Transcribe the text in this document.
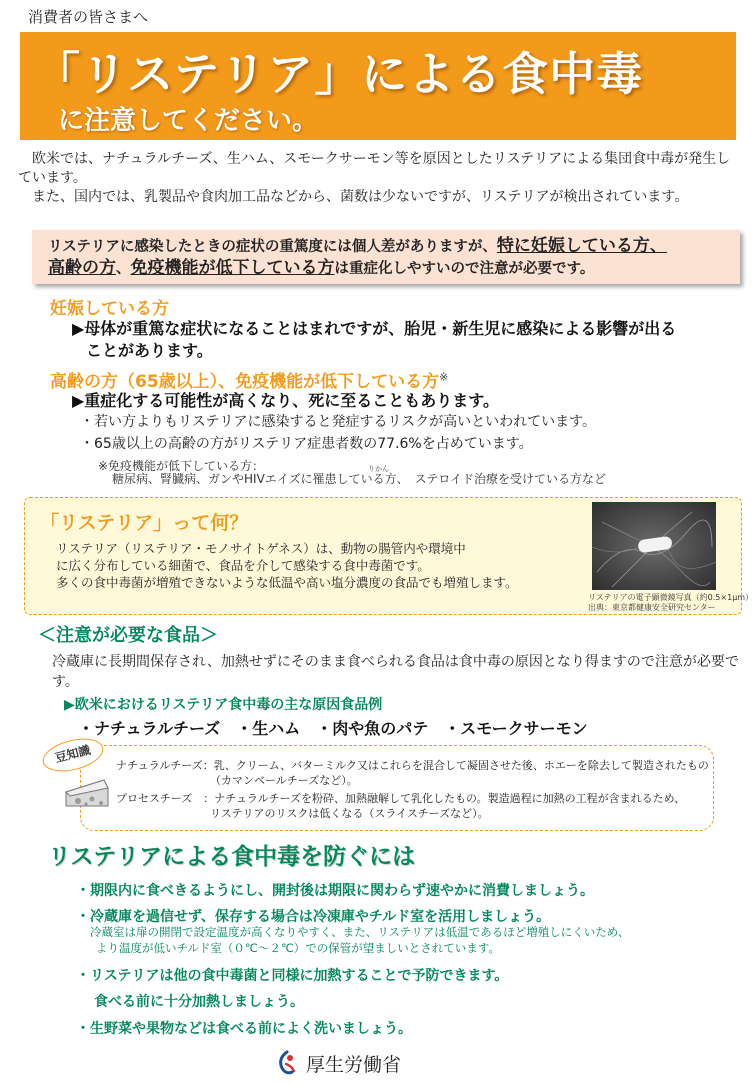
消費者の皆さまへ
「リステリア」による食中毒
に注意してください。

欧米では、ナチュラルチーズ、生ハム、スモークサーモン等を原因としたリステリアによる集団食中毒が発生しています。

また、国内では、乳製品や食肉加工品などから、菌数は少ないですが、リステリアが検出されています。

リステリアに感染したときの症状の重篤度には個人差がありますが、特に妊娠している方、
高齢の方、免疫機能が低下している方は重症化しやすいので注意が必要です。
妊娠している方
▶母体が重篤な症状になることはまれですが、胎児・新生児に感染による影響が出る
ことがあります。
高齢の方（65歳以上）、免疫機能が低下している方※
▶重症化する可能性が高くなり、死に至ることもあります。
・若い方よりもリステリアに感染すると発症するリスクが高いといわれています。
・65歳以上の高齢の方がリステリア症患者数の77.6%を占めています。
※免疫機能が低下している方：	りかん
糖尿病、腎臓病、ガンやHIVエイズに罹患している方、　ステロイド治療を受けている方など
「リステリア」って何？
リステリア（リステリア・モノサイトゲネス）は、動物の腸管内や環境中
に広く分布している細菌で、食品を介して感染する食中毒菌です。
多くの食中毒菌が増殖できないような低温や高い塩分濃度の食品でも増殖します。
リステリアの電子顕微鏡写真（約0.5×1μm）
出典：東京都健康安全研究センター
＜注意が必要な食品＞
冷蔵庫に長期間保存され、加熱せずにそのまま食べられる食品は食中毒の原因となり得ますので注意が必要です。
▶欧米におけるリステリア食中毒の主な原因食品例
・ナチュラルチーズ　・生ハム　・肉や魚のパテ　・スモークサーモン
豆知識
ナチュラルチーズ：乳、クリーム、バターミルク又はこれらを混合して凝固させた後、ホエーを除去して製造されたもの
（カマンベールチーズなど）。
プロセスチーズ　：ナチュラルチーズを粉砕、加熱融解して乳化したもの。製造過程に加熱の工程が含まれるため、
リステリアのリスクは低くなる（スライスチーズなど）。
リステリアによる食中毒を防ぐには
・期限内に食べきるようにし、開封後は期限に関わらず速やかに消費しましょう。
・冷蔵庫を過信せず、保存する場合は冷凍庫やチルド室を活用しましょう。
冷蔵室は扉の開閉で設定温度が高くなりやすく、また、リステリアは低温であるほど増殖しにくいため、
より温度が低いチルド室（０℃～２℃）での保管が望ましいとされています。
・リステリアは他の食中毒菌と同様に加熱することで予防できます。
食べる前に十分加熱しましょう。
・生野菜や果物などは食べる前によく洗いましょう。
厚生労働省
